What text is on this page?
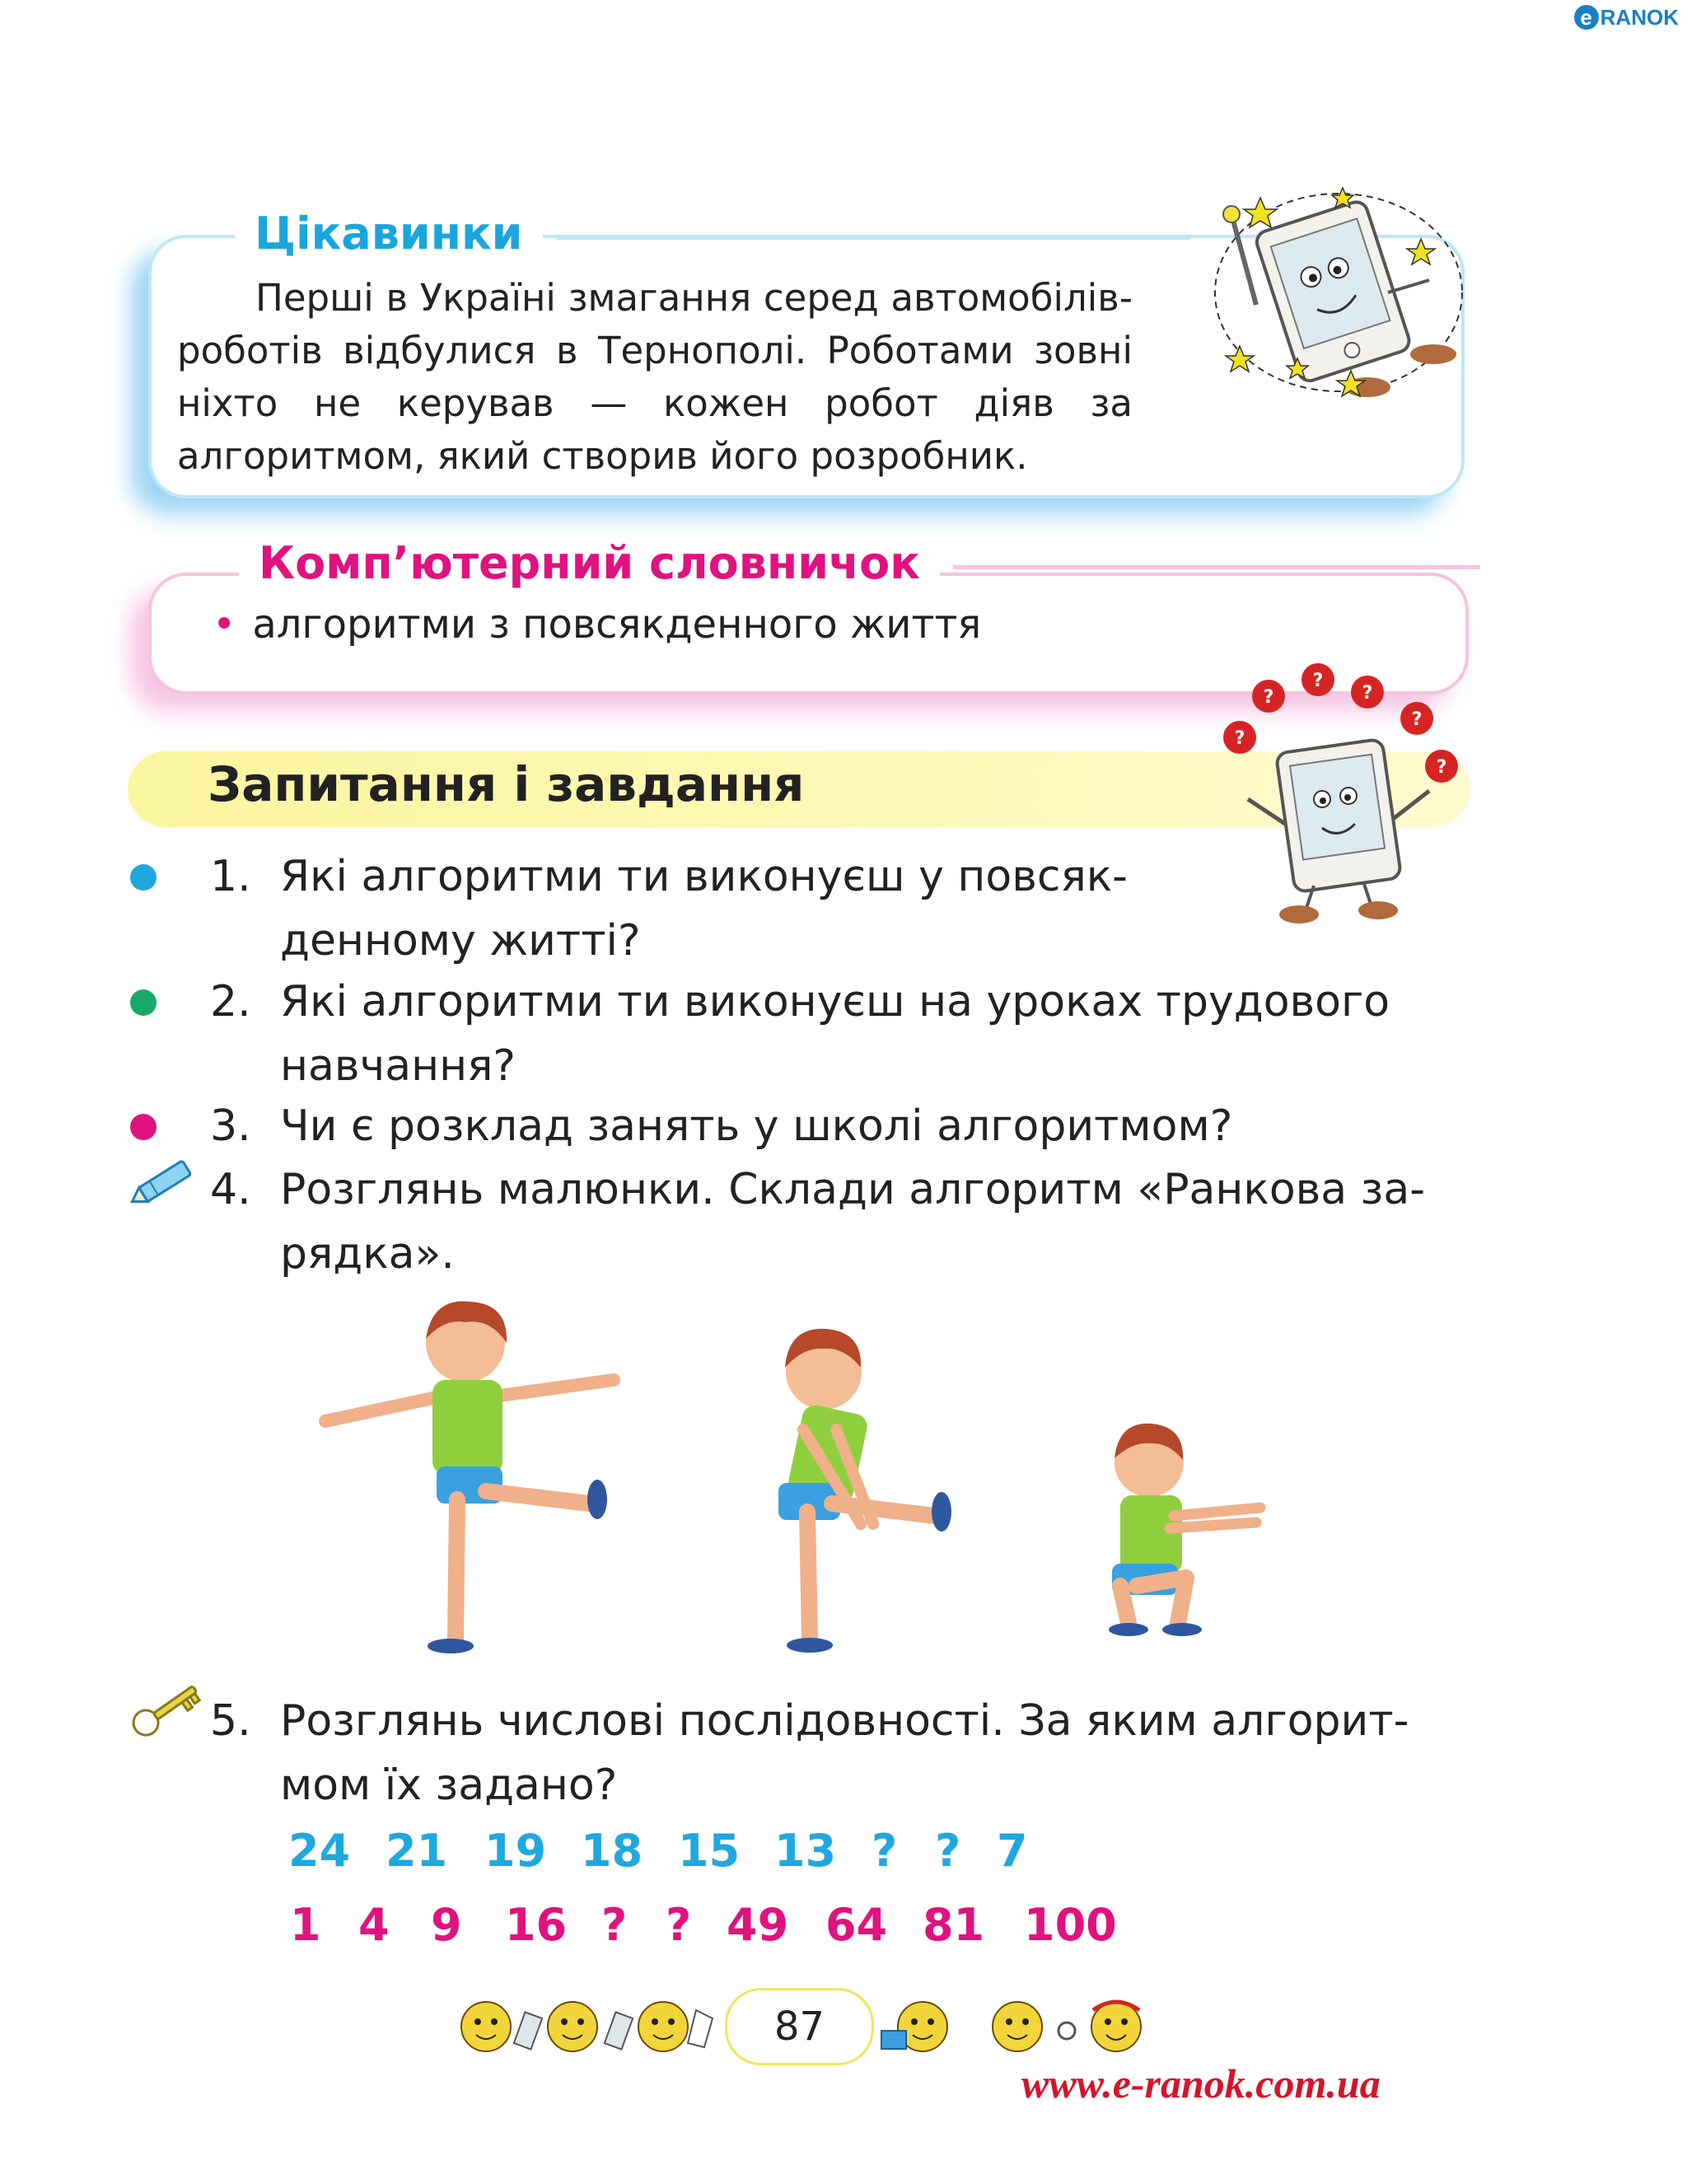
e RANOK
Цікавинки
Перші в Україні змагання серед автомобілів-роботів відбулися в Тернополі. Роботами зовні ніхто не керував — кожен робот діяв за алгоритмом, який створив його розробник.
Комп’ютерний словничок
• алгоритми з повсякденного життя
Запитання і завдання
?
?
?
?
?
?
1. Які алгоритми ти виконуєш у повсяк-
денному житті?
2. Які алгоритми ти виконуєш на уроках трудового
навчання?
3. Чи є розклад занять у школі алгоритмом?
4. Розглянь малюнки. Склади алгоритм «Ранкова за-
рядка».
5. Розглянь числові послідовності. За яким алгорит-
мом їх задано?
24 21 19 18 15 13 ? ? 7
1 4 9 16 ? ? 49 64 81 100
87
www.e-ranok.com.ua
